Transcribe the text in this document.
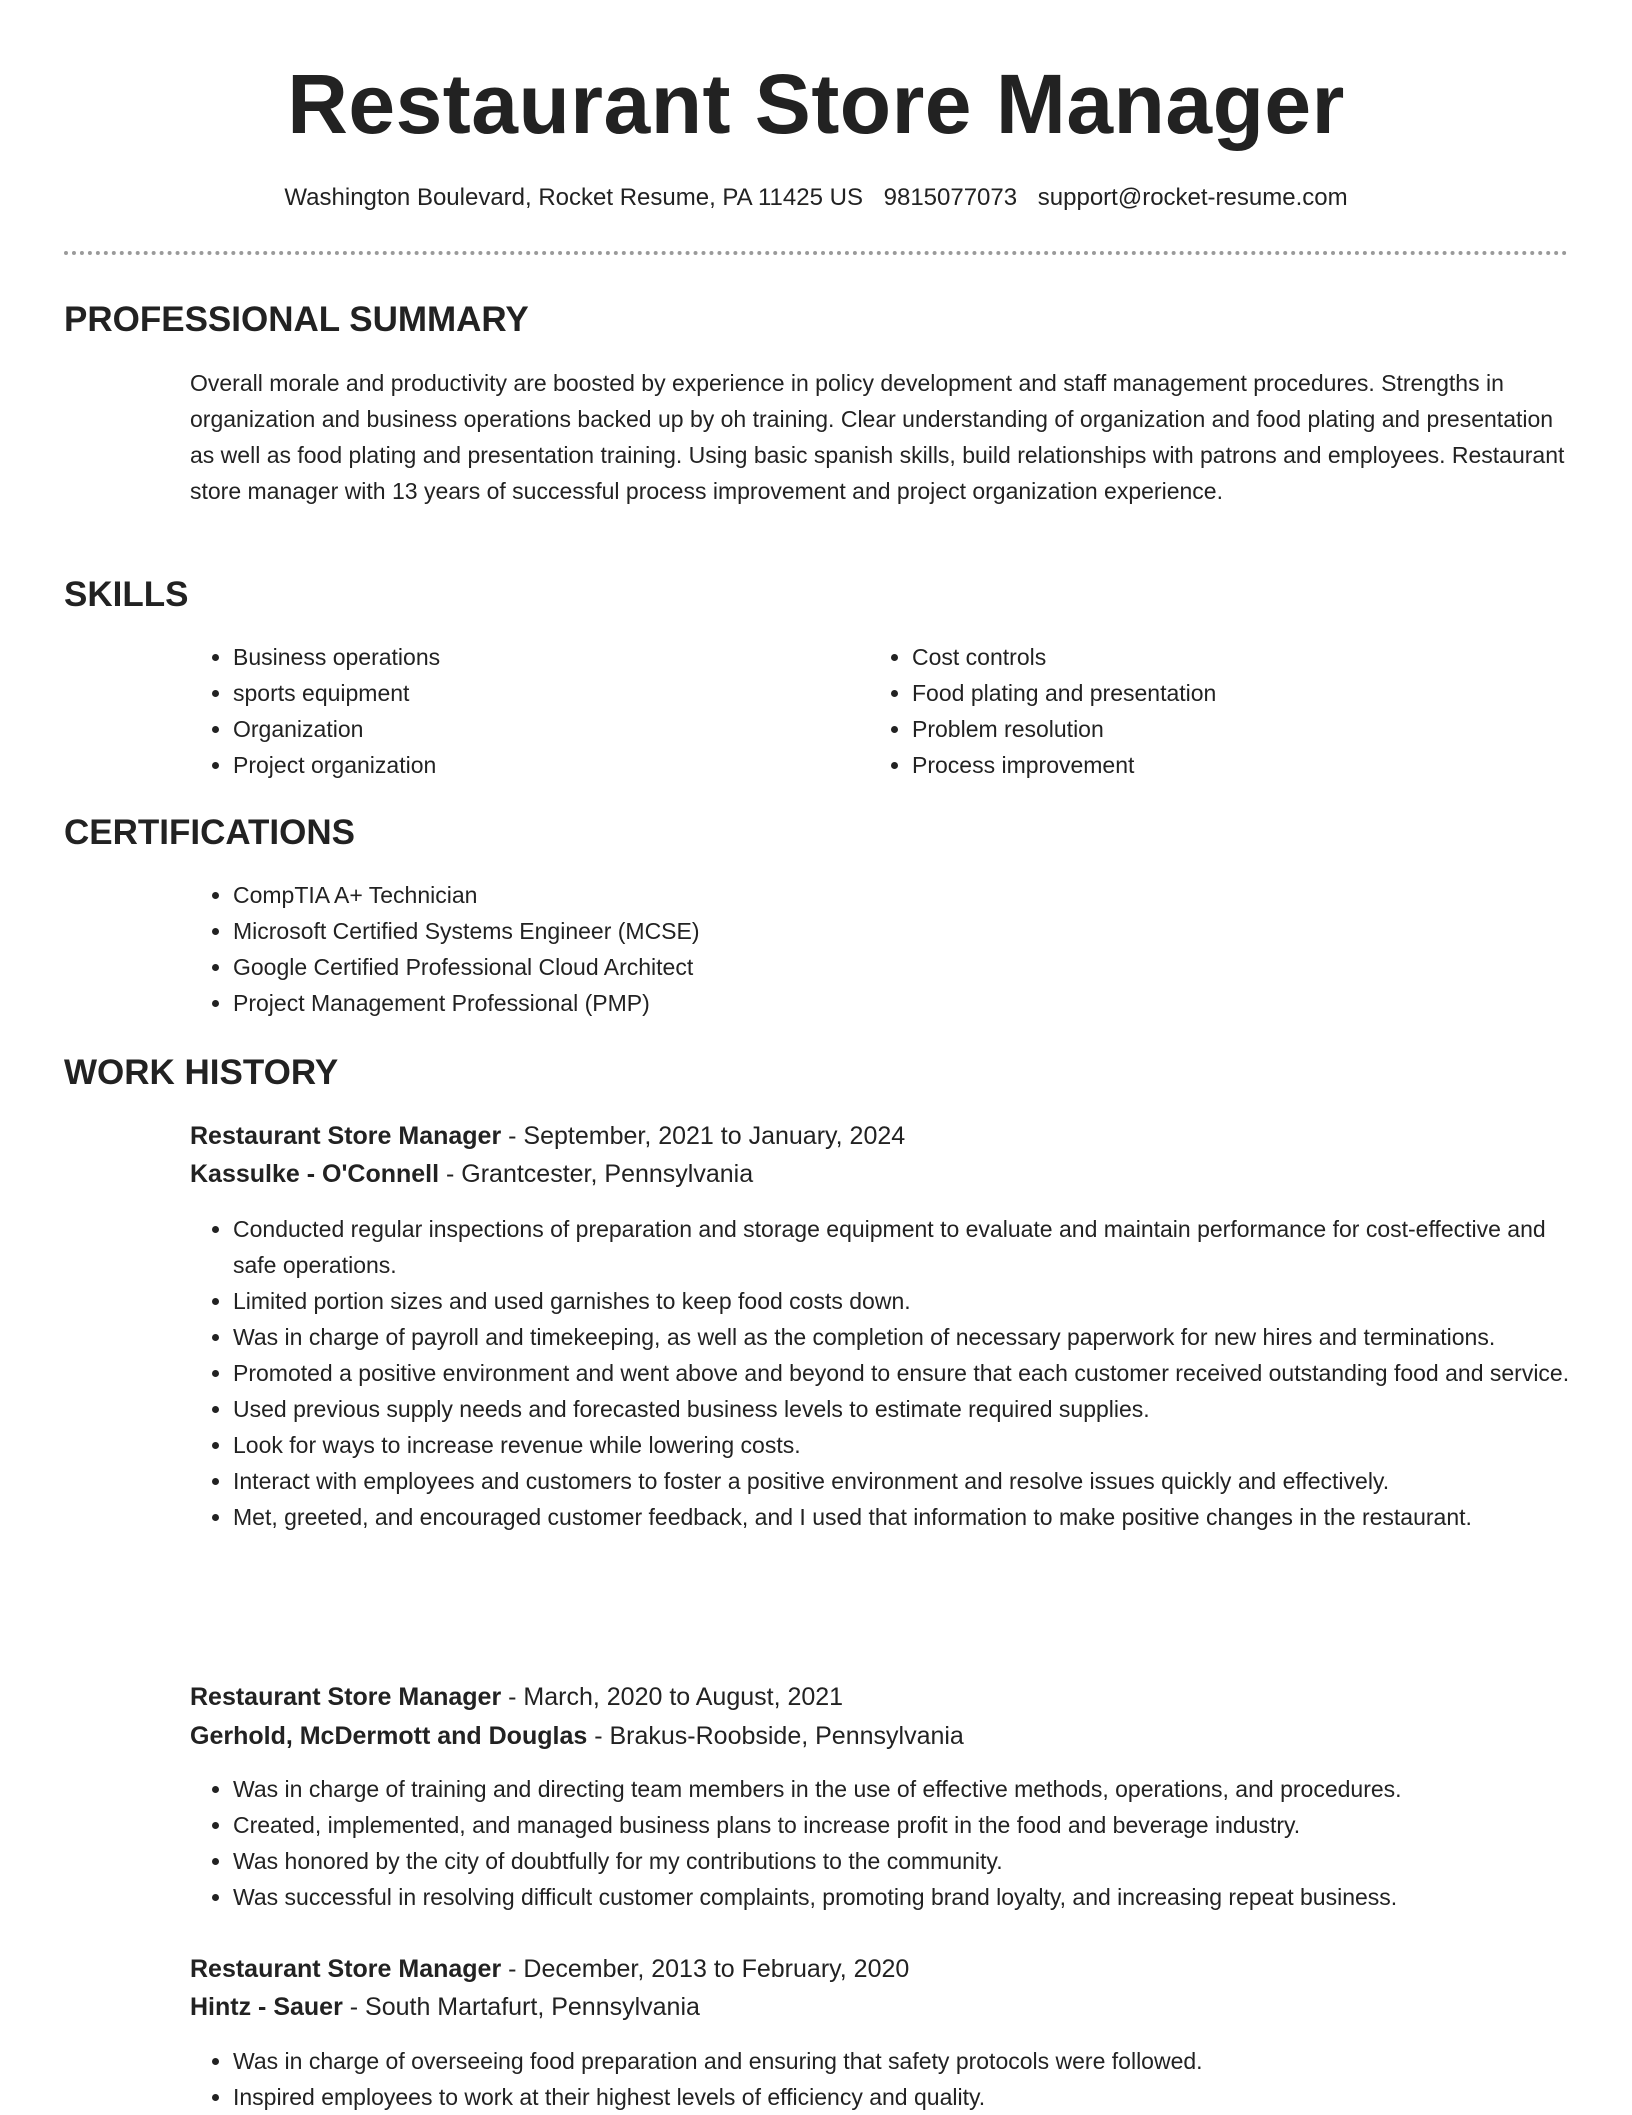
Restaurant Store Manager
Washington Boulevard, Rocket Resume, PA 11425 US 9815077073 support@rocket-resume.com
PROFESSIONAL SUMMARY

Overall morale and productivity are boosted by experience in policy development and staff management procedures. Strengths in organization and business operations backed up by oh training. Clear understanding of organization and food plating and presentation as well as food plating and presentation training. Using basic spanish skills, build relationships with patrons and employees. Restaurant store manager with 13 years of successful process improvement and project organization experience.

SKILLS
• Business operations
• sports equipment
• Organization
• Project organization
• Cost controls
• Food plating and presentation
• Problem resolution
• Process improvement
CERTIFICATIONS
• CompTIA A+ Technician
• Microsoft Certified Systems Engineer (MCSE)
• Google Certified Professional Cloud Architect
• Project Management Professional (PMP)
WORK HISTORY

Restaurant Store Manager - September, 2021 to January, 2024

Kassulke - O'Connell - Grantcester, Pennsylvania

• Conducted regular inspections of preparation and storage equipment to evaluate and maintain performance for cost-effective and safe operations.
• Limited portion sizes and used garnishes to keep food costs down.
• Was in charge of payroll and timekeeping, as well as the completion of necessary paperwork for new hires and terminations.
• Promoted a positive environment and went above and beyond to ensure that each customer received outstanding food and service.
• Used previous supply needs and forecasted business levels to estimate required supplies.
• Look for ways to increase revenue while lowering costs.
• Interact with employees and customers to foster a positive environment and resolve issues quickly and effectively.
• Met, greeted, and encouraged customer feedback, and I used that information to make positive changes in the restaurant.

Restaurant Store Manager - March, 2020 to August, 2021

Gerhold, McDermott and Douglas - Brakus-Roobside, Pennsylvania

• Was in charge of training and directing team members in the use of effective methods, operations, and procedures.
• Created, implemented, and managed business plans to increase profit in the food and beverage industry.
• Was honored by the city of doubtfully for my contributions to the community.
• Was successful in resolving difficult customer complaints, promoting brand loyalty, and increasing repeat business.

Restaurant Store Manager - December, 2013 to February, 2020

Hintz - Sauer - South Martafurt, Pennsylvania

• Was in charge of overseeing food preparation and ensuring that safety protocols were followed.
• Inspired employees to work at their highest levels of efficiency and quality.
